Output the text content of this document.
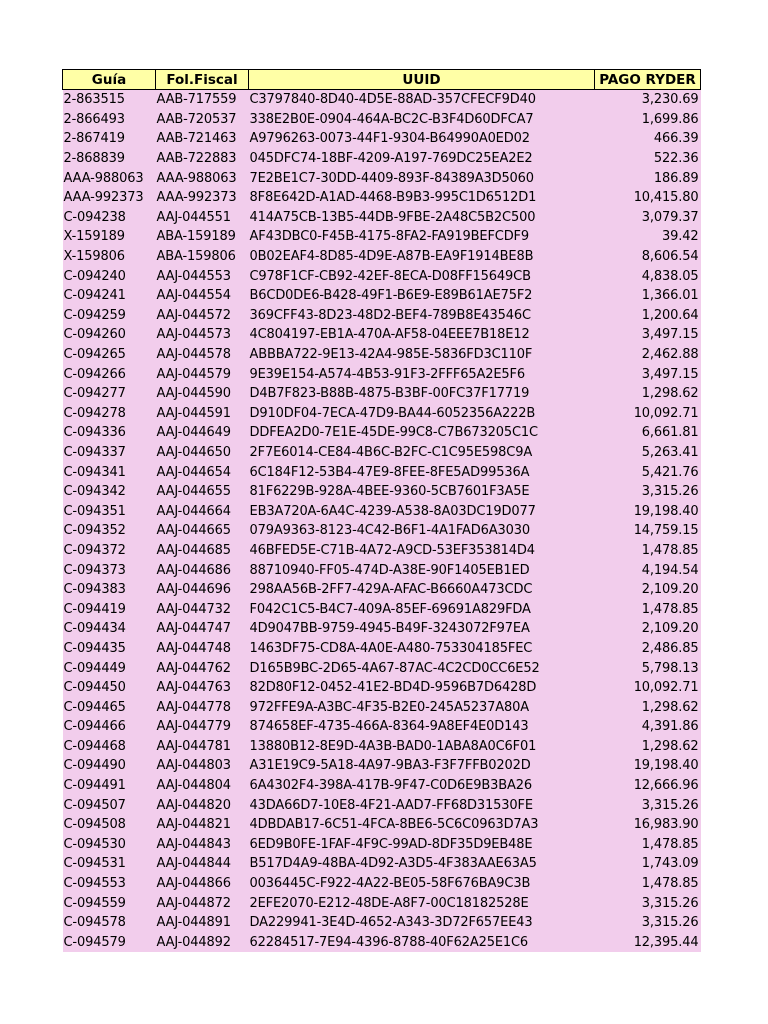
Guía	Fol.Fiscal	UUID	PAGO RYDER
2-863515	AAB-717559	C3797840-8D40-4D5E-88AD-357CFECF9D40	3,230.69
2-866493	AAB-720537	338E2B0E-0904-464A-BC2C-B3F4D60DFCA7	1,699.86
2-867419	AAB-721463	A9796263-0073-44F1-9304-B64990A0ED02	466.39
2-868839	AAB-722883	045DFC74-18BF-4209-A197-769DC25EA2E2	522.36
AAA-988063	AAA-988063	7E2BE1C7-30DD-4409-893F-84389A3D5060	186.89
AAA-992373	AAA-992373	8F8E642D-A1AD-4468-B9B3-995C1D6512D1	10,415.80
C-094238	AAJ-044551	414A75CB-13B5-44DB-9FBE-2A48C5B2C500	3,079.37
X-159189	ABA-159189	AF43DBC0-F45B-4175-8FA2-FA919BEFCDF9	39.42
X-159806	ABA-159806	0B02EAF4-8D85-4D9E-A87B-EA9F1914BE8B	8,606.54
C-094240	AAJ-044553	C978F1CF-CB92-42EF-8ECA-D08FF15649CB	4,838.05
C-094241	AAJ-044554	B6CD0DE6-B428-49F1-B6E9-E89B61AE75F2	1,366.01
C-094259	AAJ-044572	369CFF43-8D23-48D2-BEF4-789B8E43546C	1,200.64
C-094260	AAJ-044573	4C804197-EB1A-470A-AF58-04EEE7B18E12	3,497.15
C-094265	AAJ-044578	ABBBA722-9E13-42A4-985E-5836FD3C110F	2,462.88
C-094266	AAJ-044579	9E39E154-A574-4B53-91F3-2FFF65A2E5F6	3,497.15
C-094277	AAJ-044590	D4B7F823-B88B-4875-B3BF-00FC37F17719	1,298.62
C-094278	AAJ-044591	D910DF04-7ECA-47D9-BA44-6052356A222B	10,092.71
C-094336	AAJ-044649	DDFEA2D0-7E1E-45DE-99C8-C7B673205C1C	6,661.81
C-094337	AAJ-044650	2F7E6014-CE84-4B6C-B2FC-C1C95E598C9A	5,263.41
C-094341	AAJ-044654	6C184F12-53B4-47E9-8FEE-8FE5AD99536A	5,421.76
C-094342	AAJ-044655	81F6229B-928A-4BEE-9360-5CB7601F3A5E	3,315.26
C-094351	AAJ-044664	EB3A720A-6A4C-4239-A538-8A03DC19D077	19,198.40
C-094352	AAJ-044665	079A9363-8123-4C42-B6F1-4A1FAD6A3030	14,759.15
C-094372	AAJ-044685	46BFED5E-C71B-4A72-A9CD-53EF353814D4	1,478.85
C-094373	AAJ-044686	88710940-FF05-474D-A38E-90F1405EB1ED	4,194.54
C-094383	AAJ-044696	298AA56B-2FF7-429A-AFAC-B6660A473CDC	2,109.20
C-094419	AAJ-044732	F042C1C5-B4C7-409A-85EF-69691A829FDA	1,478.85
C-094434	AAJ-044747	4D9047BB-9759-4945-B49F-3243072F97EA	2,109.20
C-094435	AAJ-044748	1463DF75-CD8A-4A0E-A480-753304185FEC	2,486.85
C-094449	AAJ-044762	D165B9BC-2D65-4A67-87AC-4C2CD0CC6E52	5,798.13
C-094450	AAJ-044763	82D80F12-0452-41E2-BD4D-9596B7D6428D	10,092.71
C-094465	AAJ-044778	972FFE9A-A3BC-4F35-B2E0-245A5237A80A	1,298.62
C-094466	AAJ-044779	874658EF-4735-466A-8364-9A8EF4E0D143	4,391.86
C-094468	AAJ-044781	13880B12-8E9D-4A3B-BAD0-1ABA8A0C6F01	1,298.62
C-094490	AAJ-044803	A31E19C9-5A18-4A97-9BA3-F3F7FFB0202D	19,198.40
C-094491	AAJ-044804	6A4302F4-398A-417B-9F47-C0D6E9B3BA26	12,666.96
C-094507	AAJ-044820	43DA66D7-10E8-4F21-AAD7-FF68D31530FE	3,315.26
C-094508	AAJ-044821	4DBDAB17-6C51-4FCA-8BE6-5C6C0963D7A3	16,983.90
C-094530	AAJ-044843	6ED9B0FE-1FAF-4F9C-99AD-8DF35D9EB48E	1,478.85
C-094531	AAJ-044844	B517D4A9-48BA-4D92-A3D5-4F383AAE63A5	1,743.09
C-094553	AAJ-044866	0036445C-F922-4A22-BE05-58F676BA9C3B	1,478.85
C-094559	AAJ-044872	2EFE2070-E212-48DE-A8F7-00C18182528E	3,315.26
C-094578	AAJ-044891	DA229941-3E4D-4652-A343-3D72F657EE43	3,315.26
C-094579	AAJ-044892	62284517-7E94-4396-8788-40F62A25E1C6	12,395.44
